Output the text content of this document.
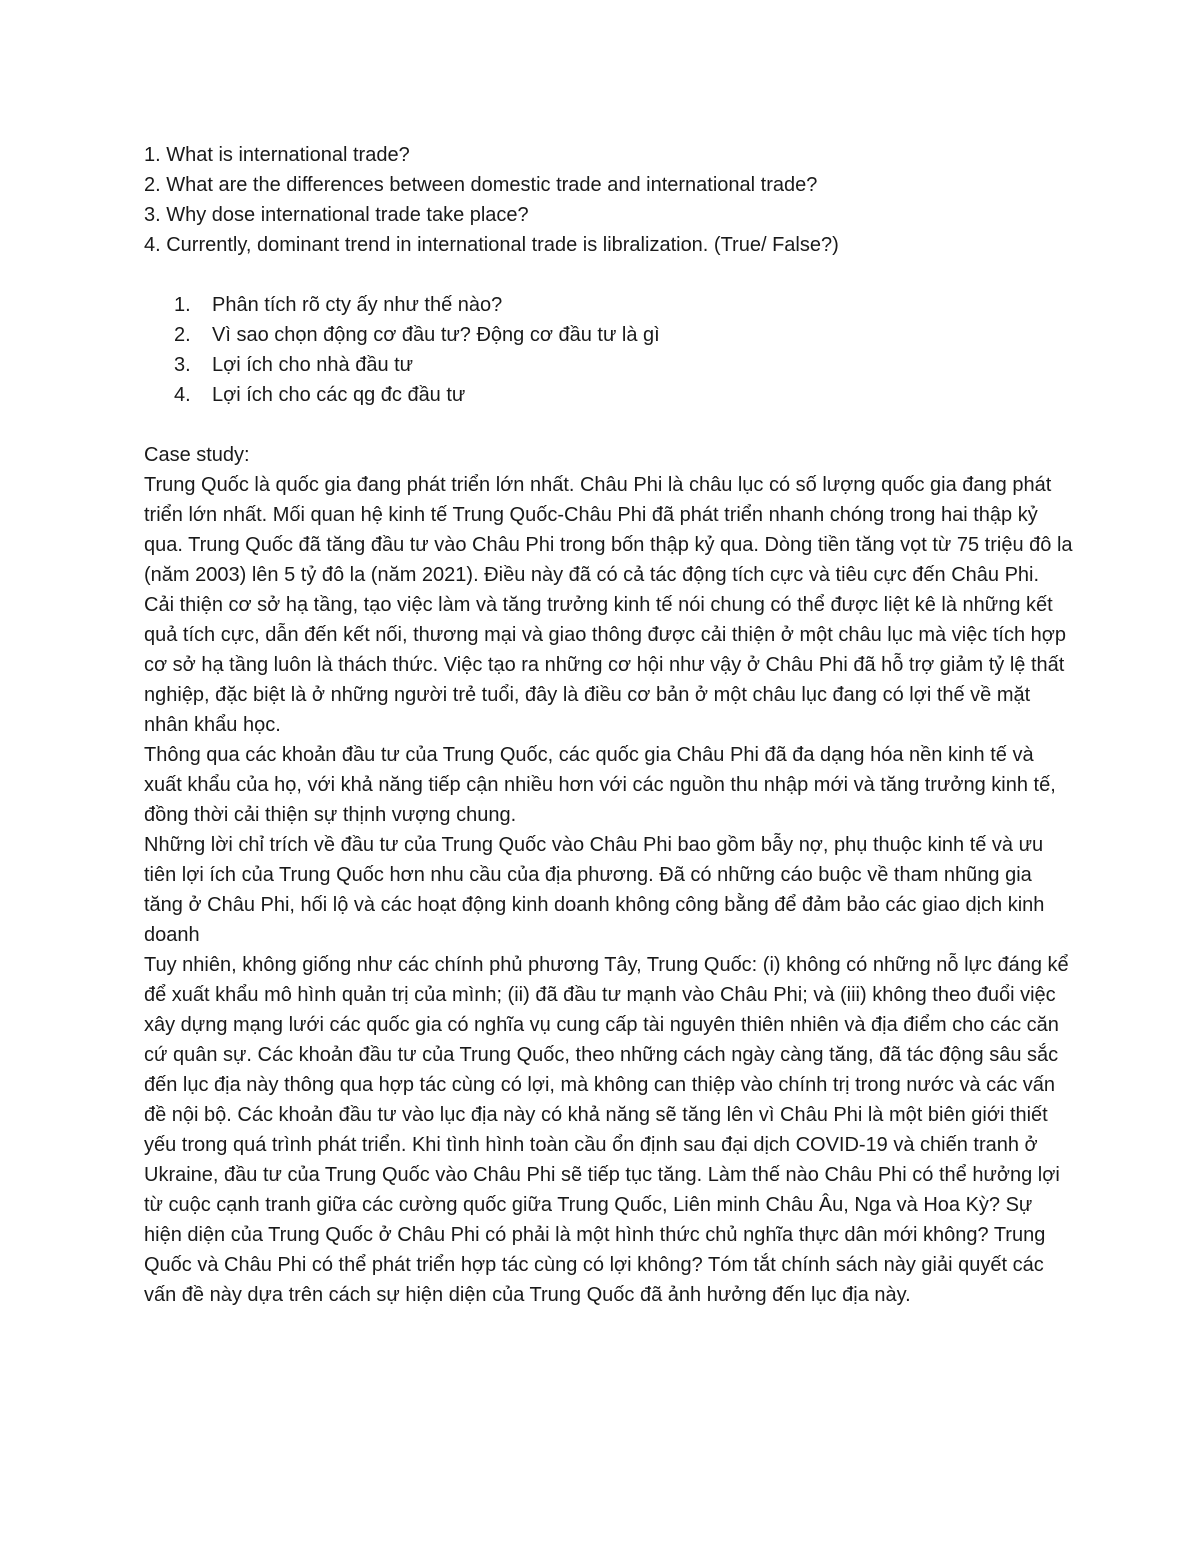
1. What is international trade?

2. What are the differences between domestic trade and international trade?

3. Why dose international trade take place?

4. Currently, dominant trend in international trade is libralization. (True/ False?)

1. Phân tích rõ cty ấy như thế nào?
2. Vì sao chọn động cơ đầu tư? Động cơ đầu tư là gì
3. Lợi ích cho nhà đầu tư
4. Lợi ích cho các qg đc đầu tư

Case study:

Trung Quốc là quốc gia đang phát triển lớn nhất. Châu Phi là châu lục có số lượng quốc gia đang phát triển lớn nhất. Mối quan hệ kinh tế Trung Quốc-Châu Phi đã phát triển nhanh chóng trong hai thập kỷ qua. Trung Quốc đã tăng đầu tư vào Châu Phi trong bốn thập kỷ qua. Dòng tiền tăng vọt từ 75 triệu đô la (năm 2003) lên 5 tỷ đô la (năm 2021). Điều này đã có cả tác động tích cực và tiêu cực đến Châu Phi. Cải thiện cơ sở hạ tầng, tạo việc làm và tăng trưởng kinh tế nói chung có thể được liệt kê là những kết quả tích cực, dẫn đến kết nối, thương mại và giao thông được cải thiện ở một châu lục mà việc tích hợp cơ sở hạ tầng luôn là thách thức. Việc tạo ra những cơ hội như vậy ở Châu Phi đã hỗ trợ giảm tỷ lệ thất nghiệp, đặc biệt là ở những người trẻ tuổi, đây là điều cơ bản ở một châu lục đang có lợi thế về mặt nhân khẩu học.

Thông qua các khoản đầu tư của Trung Quốc, các quốc gia Châu Phi đã đa dạng hóa nền kinh tế và xuất khẩu của họ, với khả năng tiếp cận nhiều hơn với các nguồn thu nhập mới và tăng trưởng kinh tế, đồng thời cải thiện sự thịnh vượng chung.

Những lời chỉ trích về đầu tư của Trung Quốc vào Châu Phi bao gồm bẫy nợ, phụ thuộc kinh tế và ưu tiên lợi ích của Trung Quốc hơn nhu cầu của địa phương. Đã có những cáo buộc về tham nhũng gia tăng ở Châu Phi, hối lộ và các hoạt động kinh doanh không công bằng để đảm bảo các giao dịch kinh doanh

Tuy nhiên, không giống như các chính phủ phương Tây, Trung Quốc: (i) không có những nỗ lực đáng kể để xuất khẩu mô hình quản trị của mình; (ii) đã đầu tư mạnh vào Châu Phi; và (iii) không theo đuổi việc xây dựng mạng lưới các quốc gia có nghĩa vụ cung cấp tài nguyên thiên nhiên và địa điểm cho các căn cứ quân sự. Các khoản đầu tư của Trung Quốc, theo những cách ngày càng tăng, đã tác động sâu sắc đến lục địa này thông qua hợp tác cùng có lợi, mà không can thiệp vào chính trị trong nước và các vấn đề nội bộ. Các khoản đầu tư vào lục địa này có khả năng sẽ tăng lên vì Châu Phi là một biên giới thiết yếu trong quá trình phát triển. Khi tình hình toàn cầu ổn định sau đại dịch COVID-19 và chiến tranh ở Ukraine, đầu tư của Trung Quốc vào Châu Phi sẽ tiếp tục tăng. Làm thế nào Châu Phi có thể hưởng lợi từ cuộc cạnh tranh giữa các cường quốc giữa Trung Quốc, Liên minh Châu Âu, Nga và Hoa Kỳ? Sự hiện diện của Trung Quốc ở Châu Phi có phải là một hình thức chủ nghĩa thực dân mới không? Trung Quốc và Châu Phi có thể phát triển hợp tác cùng có lợi không? Tóm tắt chính sách này giải quyết các vấn đề này dựa trên cách sự hiện diện của Trung Quốc đã ảnh hưởng đến lục địa này.
